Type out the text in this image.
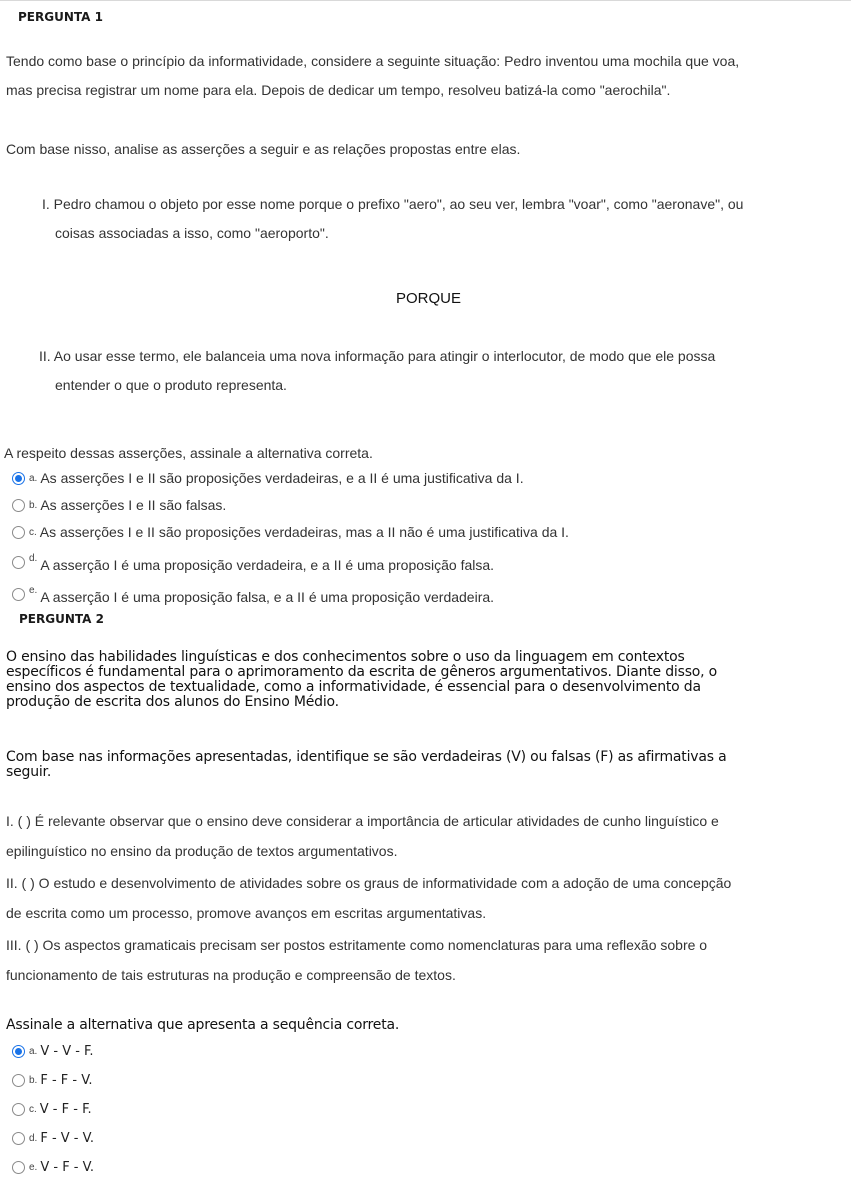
PERGUNTA 1
Tendo como base o princípio da informatividade, considere a seguinte situação: Pedro inventou uma mochila que voa,
mas precisa registrar um nome para ela. Depois de dedicar um tempo, resolveu batizá-la como "aerochila".
Com base nisso, analise as asserções a seguir e as relações propostas entre elas.
I. Pedro chamou o objeto por esse nome porque o prefixo "aero", ao seu ver, lembra "voar", como "aeronave", ou
coisas associadas a isso, como "aeroporto".
PORQUE
II. Ao usar esse termo, ele balanceia uma nova informação para atingir o interlocutor, de modo que ele possa
entender o que o produto representa.
A respeito dessas asserções, assinale a alternativa correta.
a. As asserções I e II são proposições verdadeiras, e a II é uma justificativa da I.
b. As asserções I e II são falsas.
c. As asserções I e II são proposições verdadeiras, mas a II não é uma justificativa da I.
d. A asserção I é uma proposição verdadeira, e a II é uma proposição falsa.
e. A asserção I é uma proposição falsa, e a II é uma proposição verdadeira.
PERGUNTA 2
O ensino das habilidades linguísticas e dos conhecimentos sobre o uso da linguagem em contextos
específicos é fundamental para o aprimoramento da escrita de gêneros argumentativos. Diante disso, o
ensino dos aspectos de textualidade, como a informatividade, é essencial para o desenvolvimento da
produção de escrita dos alunos do Ensino Médio.
Com base nas informações apresentadas, identifique se são verdadeiras (V) ou falsas (F) as afirmativas a
seguir.
I. ( ) É relevante observar que o ensino deve considerar a importância de articular atividades de cunho linguístico e
epilinguístico no ensino da produção de textos argumentativos.
II. ( ) O estudo e desenvolvimento de atividades sobre os graus de informatividade com a adoção de uma concepção
de escrita como um processo, promove avanços em escritas argumentativas.
III. ( ) Os aspectos gramaticais precisam ser postos estritamente como nomenclaturas para uma reflexão sobre o
funcionamento de tais estruturas na produção e compreensão de textos.
Assinale a alternativa que apresenta a sequência correta.
a. V - V - F.
b. F - F - V.
c. V - F - F.
d. F - V - V.
e. V - F - V.
